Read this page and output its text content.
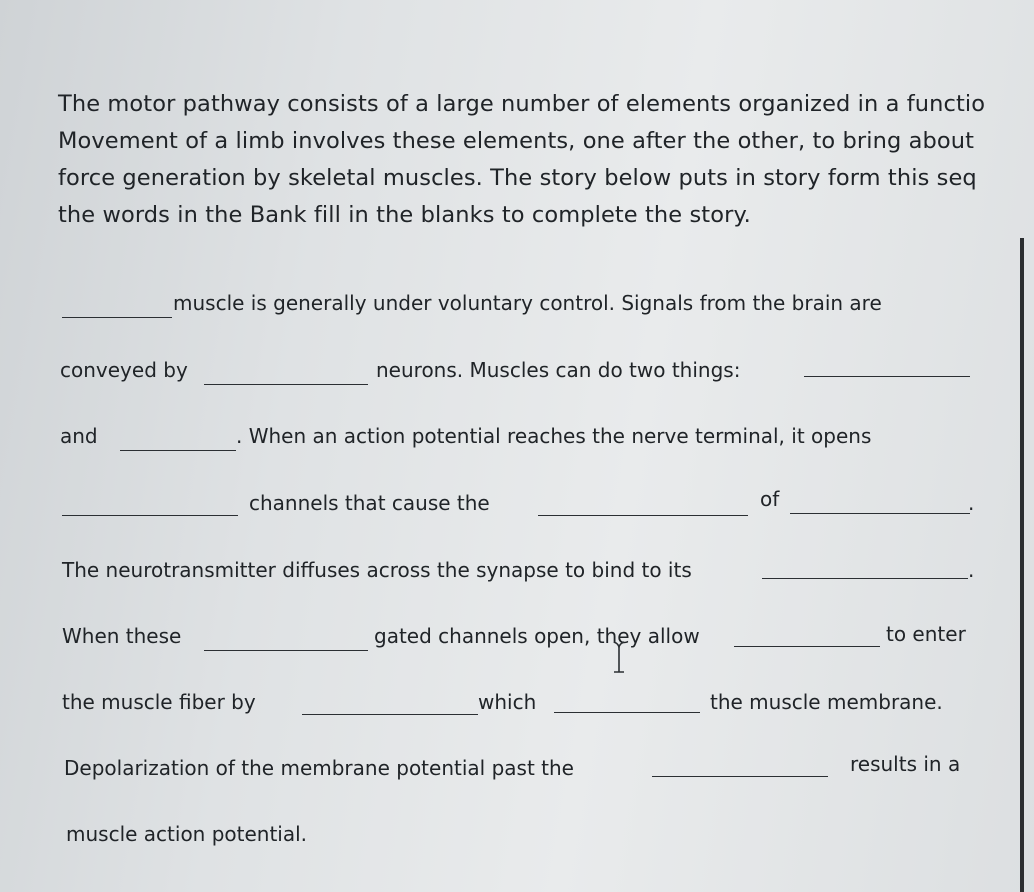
The motor pathway consists of a large number of elements organized in a functio
Movement of a limb involves these elements, one after the other, to bring about
force generation by skeletal muscles. The story below puts in story form this seq
the words in the Bank fill in the blanks to complete the story.
muscle is generally under voluntary control. Signals from the brain are
conveyed by	neurons. Muscles can do two things:
and	. When an action potential reaches the nerve terminal, it opens
channels that cause the	of	.
The neurotransmitter diffuses across the synapse to bind to its	.
When these	gated channels open, they allow	to enter
the muscle fiber by	which	the muscle membrane.
Depolarization of the membrane potential past the	results in a
muscle action potential.
